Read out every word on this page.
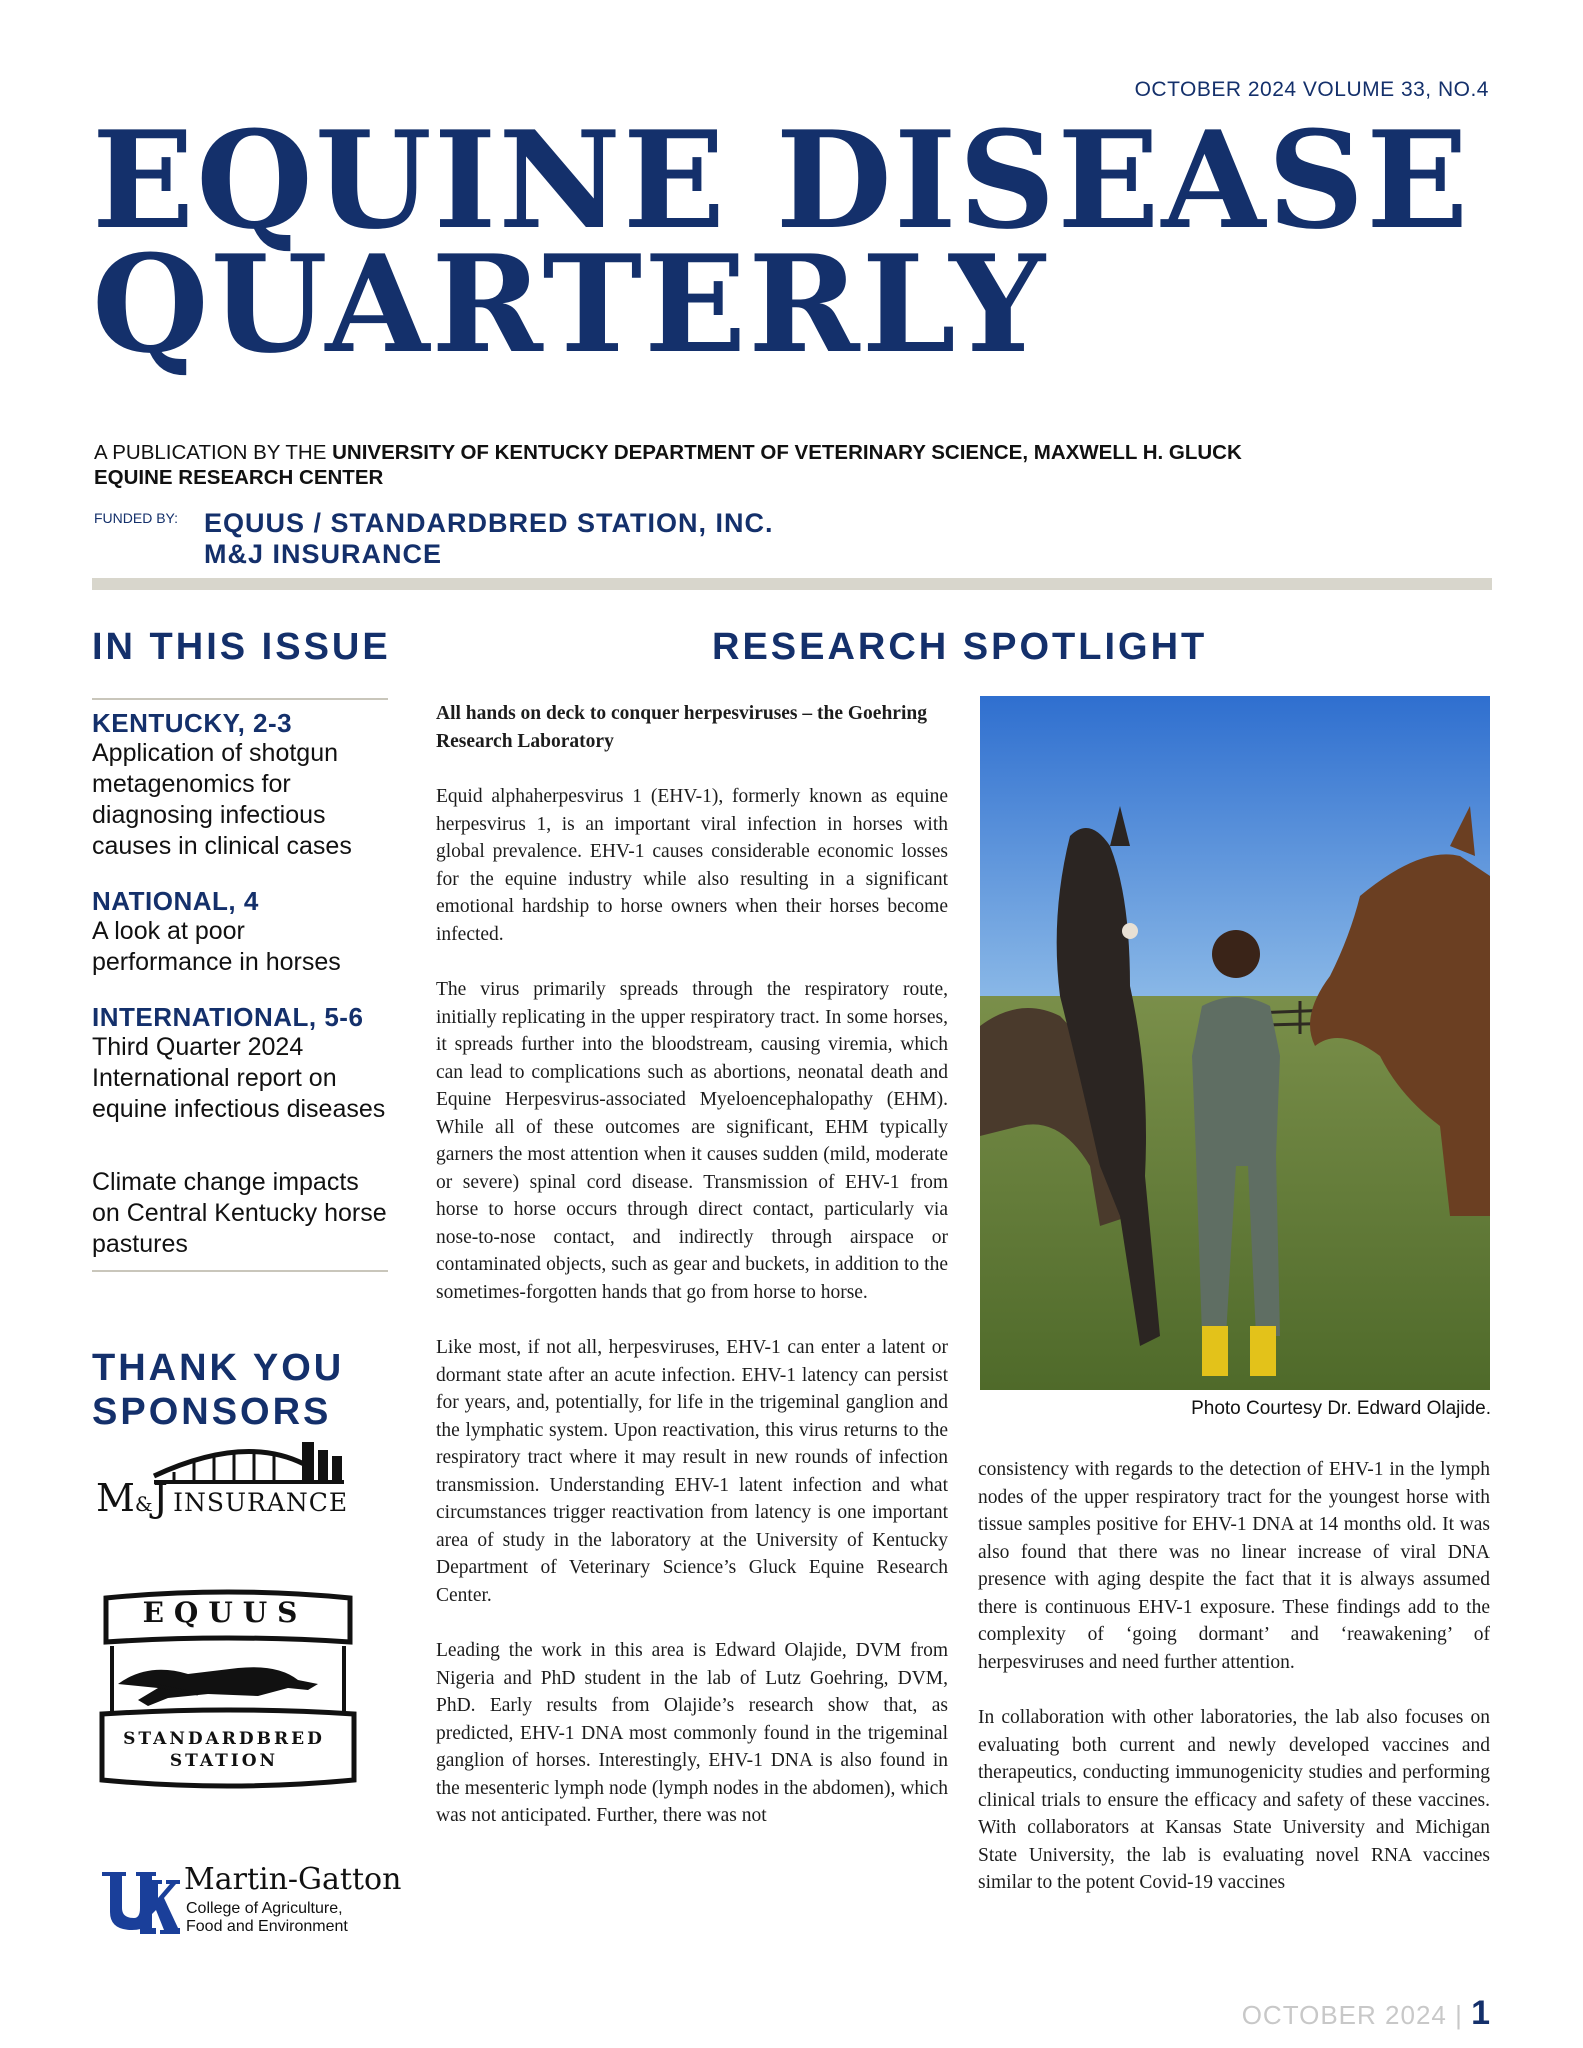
OCTOBER 2024 VOLUME 33, NO.4
EQUINE DISEASE
QUARTERLY
A PUBLICATION BY THE UNIVERSITY OF KENTUCKY DEPARTMENT OF VETERINARY SCIENCE, MAXWELL H. GLUCK EQUINE RESEARCH CENTER
FUNDED BY: EQUUS / STANDARDBRED STATION, INC.
M&J INSURANCE
IN THIS ISSUE	RESEARCH SPOTLIGHT
KENTUCKY, 2-3
Application of shotgun metagenomics for diagnosing infectious causes in clinical cases
NATIONAL, 4
A look at poor performance in horses
INTERNATIONAL, 5-6
Third Quarter 2024 International report on equine infectious diseases
Climate change impacts on Central Kentucky horse pastures
THANK YOU SPONSORS
M&J INSURANCE
EQUUS
STANDARDBRED
STATION
Martin-Gatton
College of Agriculture,
Food and Environment
All hands on deck to conquer herpesviruses – the Goehring Research Laboratory

Equid alphaherpesvirus 1 (EHV-1), formerly known as equine herpesvirus 1, is an important viral infection in horses with global prevalence. EHV-1 causes considerable economic losses for the equine industry while also resulting in a significant emotional hardship to horse owners when their horses become infected.

The virus primarily spreads through the respiratory route, initially replicating in the upper respiratory tract. In some horses, it spreads further into the bloodstream, causing viremia, which can lead to complications such as abortions, neonatal death and Equine Herpesvirus-associated Myeloencephalopathy (EHM). While all of these outcomes are significant, EHM typically garners the most attention when it causes sudden (mild, moderate or severe) spinal cord disease. Transmission of EHV-1 from horse to horse occurs through direct contact, particularly via nose-to-nose contact, and indirectly through airspace or contaminated objects, such as gear and buckets, in addition to the sometimes-forgotten hands that go from horse to horse.

Like most, if not all, herpesviruses, EHV-1 can enter a latent or dormant state after an acute infection. EHV-1 latency can persist for years, and, potentially, for life in the trigeminal ganglion and the lymphatic system. Upon reactivation, this virus returns to the respiratory tract where it may result in new rounds of infection transmission. Understanding EHV-1 latent infection and what circumstances trigger reactivation from latency is one important area of study in the laboratory at the University of Kentucky Department of Veterinary Science’s Gluck Equine Research Center.

Leading the work in this area is Edward Olajide, DVM from Nigeria and PhD student in the lab of Lutz Goehring, DVM, PhD. Early results from Olajide’s research show that, as predicted, EHV-1 DNA most commonly found in the trigeminal ganglion of horses. Interestingly, EHV-1 DNA is also found in the mesenteric lymph node (lymph nodes in the abdomen), which was not anticipated. Further, there was not

Photo Courtesy Dr. Edward Olajide.

consistency with regards to the detection of EHV-1 in the lymph nodes of the upper respiratory tract for the youngest horse with tissue samples positive for EHV-1 DNA at 14 months old. It was also found that there was no linear increase of viral DNA presence with aging despite the fact that it is always assumed there is continuous EHV-1 exposure. These findings add to the complexity of ‘going dormant’ and ‘reawakening’ of herpesviruses and need further attention.

In collaboration with other laboratories, the lab also focuses on evaluating both current and newly developed vaccines and therapeutics, conducting immunogenicity studies and performing clinical trials to ensure the efficacy and safety of these vaccines. With collaborators at Kansas State University and Michigan State University, the lab is evaluating novel RNA vaccines similar to the potent Covid-19 vaccines

OCTOBER 2024 | 1
